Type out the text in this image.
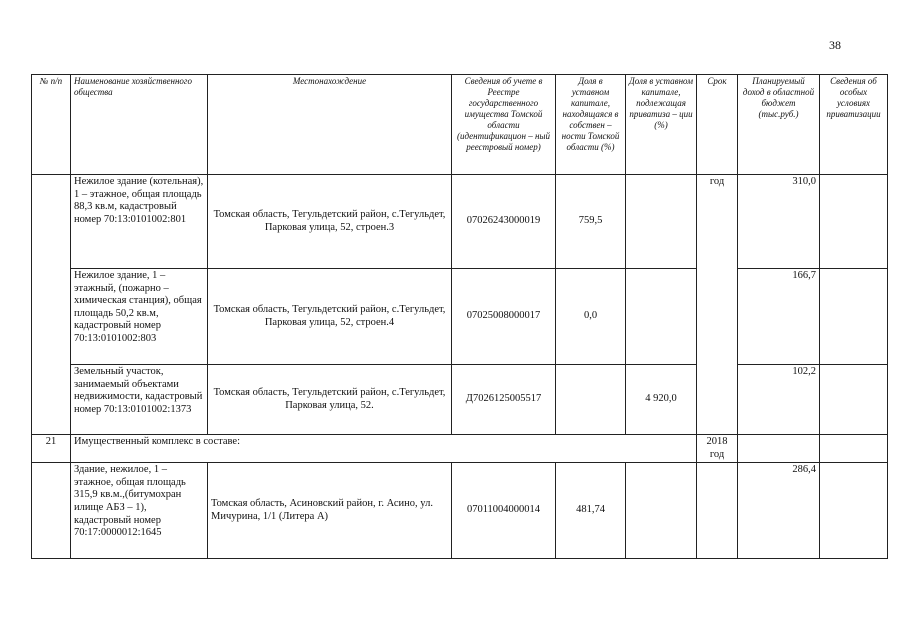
38
№ п/п	Наименование хозяйственного общества	Местонахождение	Сведения об учете в Реестре государственного имущества Томской области (идентификацион – ный реестровый номер)	Доля в уставном капитале, находящаяся в собствен – ности Томской области (%)	Доля в уставном капитале, подлежащая приватиза – ции (%)	Срок	Планируемый доход в областной бюджет (тыс.руб.)	Сведения об особых условиях приватизации
	Нежилое здание (котельная), 1 – этажное, общая площадь 88,3 кв.м, кадастровый номер 70:13:0101002:801	Томская область, Тегульдетский район, с.Тегульдет, Парковая улица, 52, строен.3	07026243000019	759,5		год	310,0	
	Нежилое здание, 1 – этажный, (пожарно – химическая станция), общая площадь 50,2 кв.м, кадастровый номер 70:13:0101002:803	Томская область, Тегульдетский район, с.Тегульдет, Парковая улица, 52, строен.4	07025008000017	0,0			166,7	
	Земельный участок, занимаемый объектами недвижимости, кадастровый номер 70:13:0101002:1373	Томская область, Тегульдетский район, с.Тегульдет, Парковая улица, 52.	Д7026125005517		4 920,0		102,2	
21	Имущественный комплекс в составе:					2018 год		
	Здание, нежилое, 1 – этажное, общая площадь 315,9 кв.м.,(битумохран илище АБЗ – 1), кадастровый номер 70:17:0000012:1645	Томская область, Асиновский район, г. Асино, ул. Мичурина, 1/1 (Литера А)	07011004000014	481,74			286,4	
